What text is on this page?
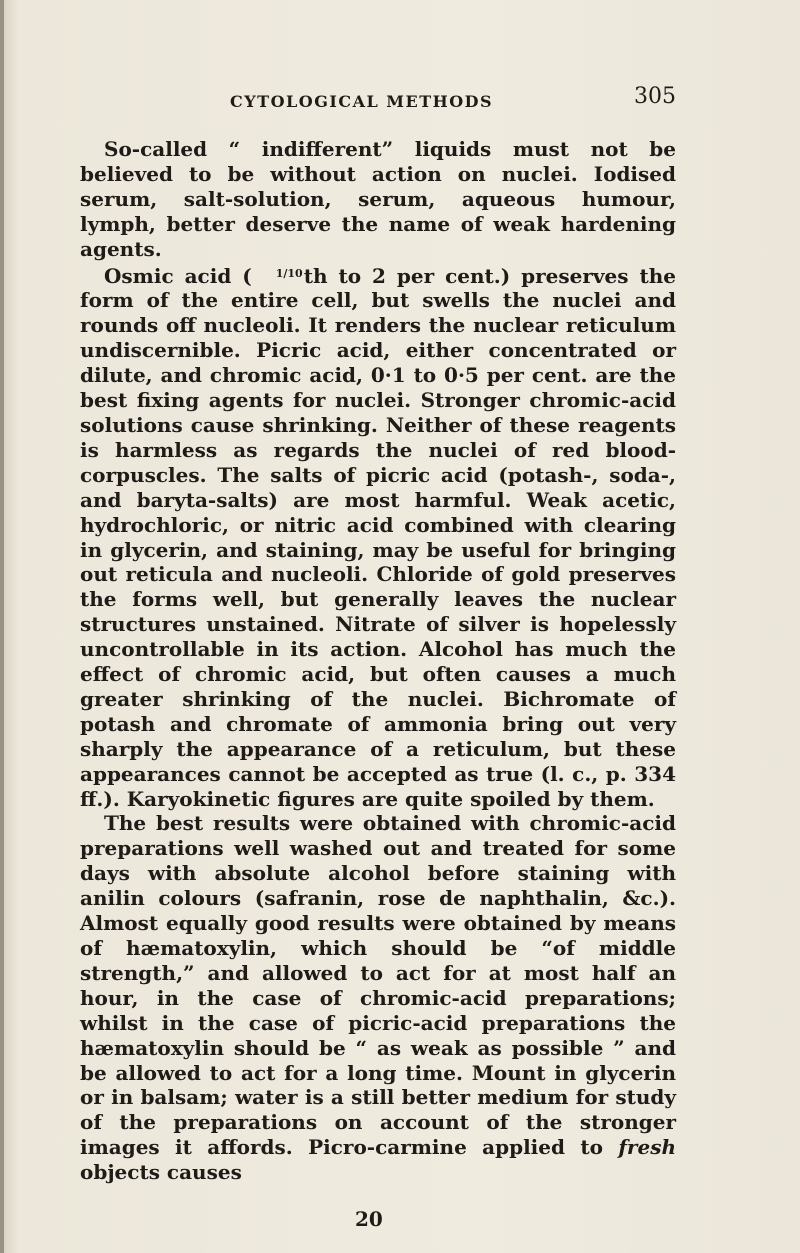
CYTOLOGICAL METHODS	305

So-called “ indifferent” liquids must not be believed to be without action on nuclei. Iodised serum, salt-solution, serum, aqueous humour, lymph, better deserve the name of weak hardening agents.

Osmic acid ( 1/10th to 2 per cent.) preserves the form of the entire cell, but swells the nuclei and rounds off nucleoli. It renders the nuclear reticulum undiscernible. Picric acid, either concentrated or dilute, and chromic acid, 0·1 to 0·5 per cent. are the best fixing agents for nuclei. Stronger chromic-acid solutions cause shrinking. Neither of these reagents is harmless as regards the nuclei of red blood-corpuscles. The salts of picric acid (potash-, soda-, and baryta-salts) are most harmful. Weak acetic, hydrochloric, or nitric acid combined with clearing in glycerin, and staining, may be useful for bringing out reticula and nucleoli. Chloride of gold preserves the forms well, but generally leaves the nuclear structures unstained. Nitrate of silver is hopelessly uncontrollable in its action. Alcohol has much the effect of chromic acid, but often causes a much greater shrinking of the nuclei. Bichromate of potash and chromate of ammonia bring out very sharply the appearance of a reticulum, but these appearances cannot be accepted as true (l. c., p. 334 ff.). Karyokinetic figures are quite spoiled by them.

The best results were obtained with chromic-acid preparations well washed out and treated for some days with absolute alcohol before staining with anilin colours (safranin, rose de naphthalin, &c.). Almost equally good results were obtained by means of hæmatoxylin, which should be “of middle strength,” and allowed to act for at most half an hour, in the case of chromic-acid preparations; whilst in the case of picric-acid preparations the hæmatoxylin should be “ as weak as possible ” and be allowed to act for a long time. Mount in glycerin or in balsam; water is a still better medium for study of the preparations on account of the stronger images it affords. Picro-carmine applied to fresh objects causes

20
